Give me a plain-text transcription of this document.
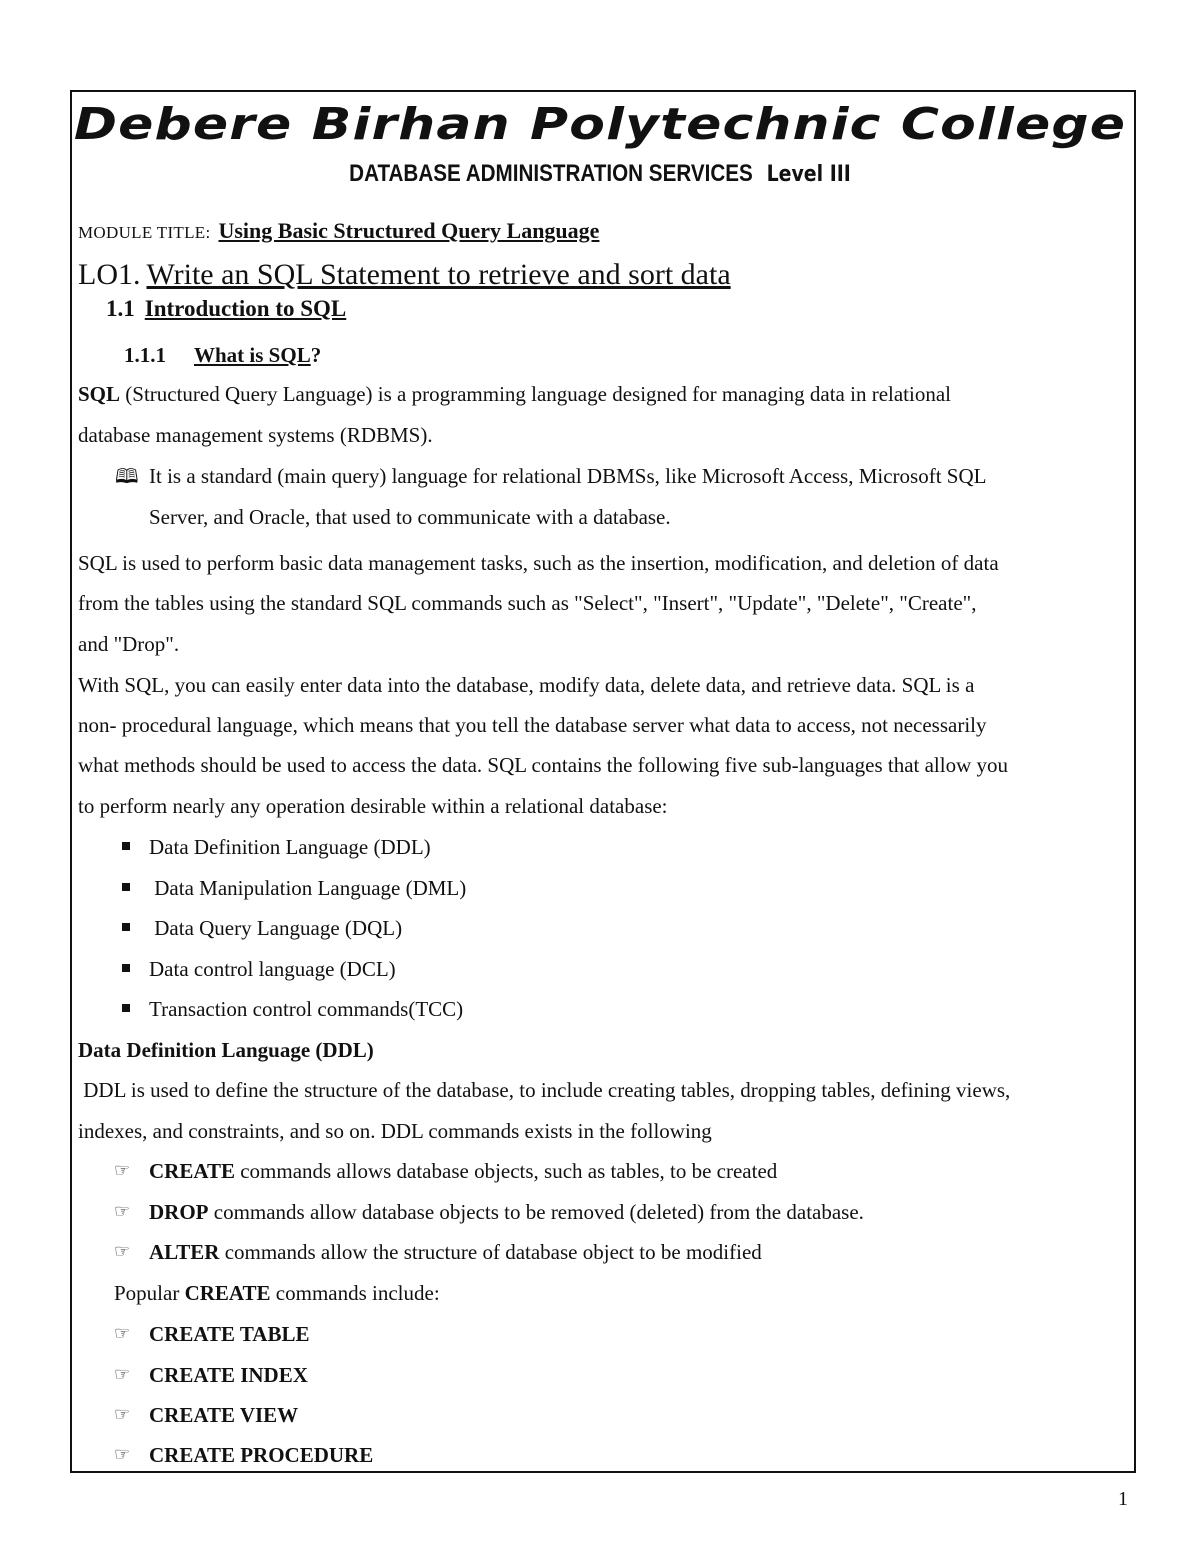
Debere Birhan Polytechnic College
DATABASE ADMINISTRATION SERVICES Level III
MODULE TITLE: Using Basic Structured Query Language
LO1. Write an SQL Statement to retrieve and sort data
1.1 Introduction to SQL
1.1.1 What is SQL?
SQL (Structured Query Language) is a programming language designed for managing data in relational
database management systems (RDBMS).
🕮 It is a standard (main query) language for relational DBMSs, like Microsoft Access, Microsoft SQL
Server, and Oracle, that used to communicate with a database.
SQL is used to perform basic data management tasks, such as the insertion, modification, and deletion of data
from the tables using the standard SQL commands such as "Select", "Insert", "Update", "Delete", "Create",
and "Drop".
With SQL, you can easily enter data into the database, modify data, delete data, and retrieve data. SQL is a
non- procedural language, which means that you tell the database server what data to access, not necessarily
what methods should be used to access the data. SQL contains the following five sub-languages that allow you
to perform nearly any operation desirable within a relational database:
Data Definition Language (DDL)
Data Manipulation Language (DML)
Data Query Language (DQL)
Data control language (DCL)
Transaction control commands(TCC)
Data Definition Language (DDL)
DDL is used to define the structure of the database, to include creating tables, dropping tables, defining views,
indexes, and constraints, and so on. DDL commands exists in the following
☞ CREATE commands allows database objects, such as tables, to be created
☞ DROP commands allow database objects to be removed (deleted) from the database.
☞ ALTER commands allow the structure of database object to be modified
Popular CREATE commands include:
☞ CREATE TABLE
☞ CREATE INDEX
☞ CREATE VIEW
☞ CREATE PROCEDURE
1
